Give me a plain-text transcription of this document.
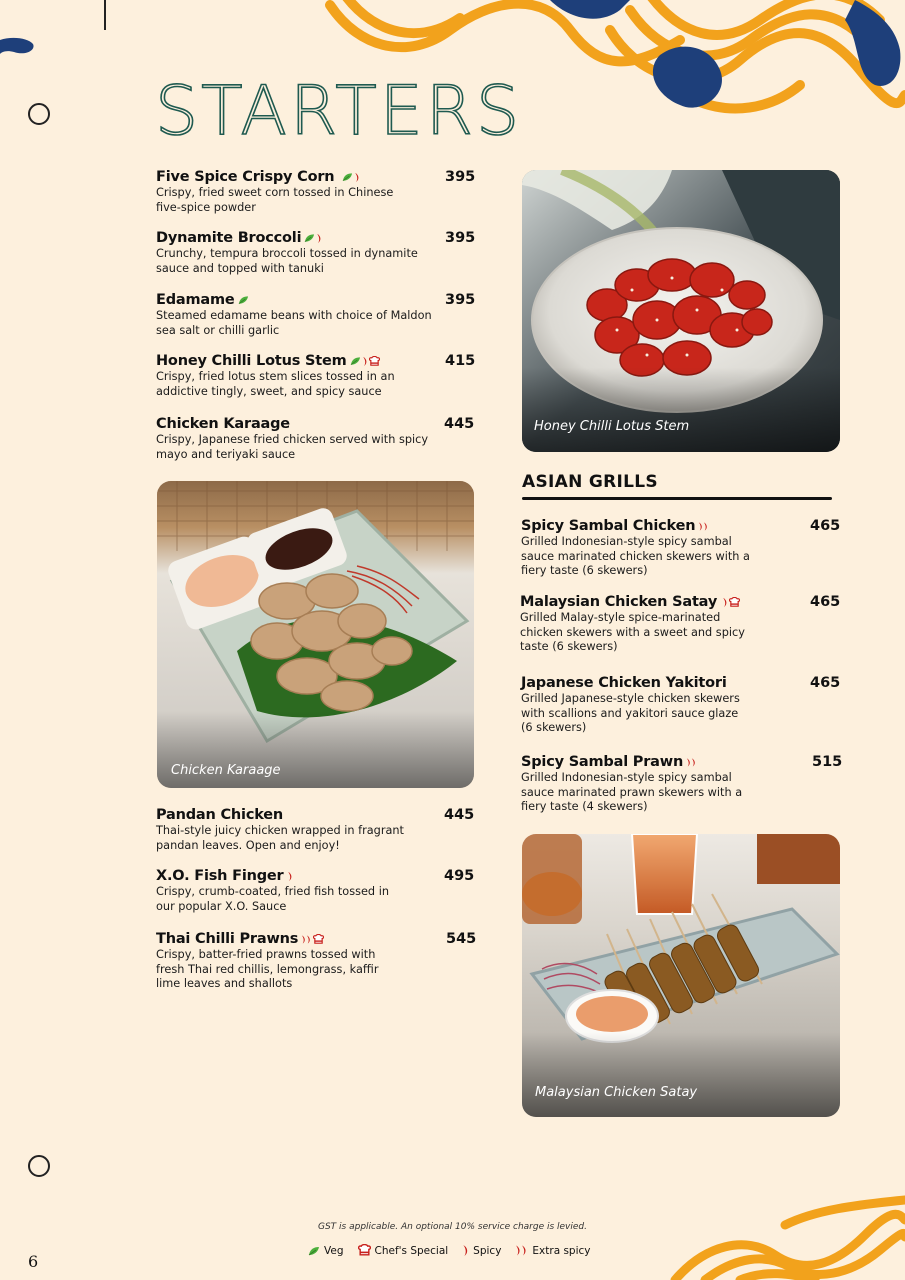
STARTERS
Five Spice Crispy Corn	395
Crispy, fried sweet corn tossed in Chinese
five-spice powder
Dynamite Broccoli	395
Crunchy, tempura broccoli tossed in dynamite
sauce and topped with tanuki
Edamame	395
Steamed edamame beans with choice of Maldon
sea salt or chilli garlic
Honey Chilli Lotus Stem	415
Crispy, fried lotus stem slices tossed in an
addictive tingly, sweet, and spicy sauce
Chicken Karaage	445
Crispy, Japanese fried chicken served with spicy
mayo and teriyaki sauce
Chicken Karaage
Pandan Chicken	445
Thai-style juicy chicken wrapped in fragrant
pandan leaves. Open and enjoy!
X.O. Fish Finger	495
Crispy, crumb-coated, fried fish tossed in
our popular X.O. Sauce
Thai Chilli Prawns	545
Crispy, batter-fried prawns tossed with
fresh Thai red chillis, lemongrass, kaffir
lime leaves and shallots
Honey Chilli Lotus Stem
ASIAN GRILLS
Spicy Sambal Chicken	465
Grilled Indonesian-style spicy sambal
sauce marinated chicken skewers with a
fiery taste (6 skewers)
Malaysian Chicken Satay	465
Grilled Malay-style spice-marinated
chicken skewers with a sweet and spicy
taste (6 skewers)
Japanese Chicken Yakitori	465
Grilled Japanese-style chicken skewers
with scallions and yakitori sauce glaze
(6 skewers)
Spicy Sambal Prawn	515
Grilled Indonesian-style spicy sambal
sauce marinated prawn skewers with a
fiery taste (4 skewers)
Malaysian Chicken Satay
GST is applicable. An optional 10% service charge is levied.
Veg	Chef's Special Spicy	Extra spicy
6
